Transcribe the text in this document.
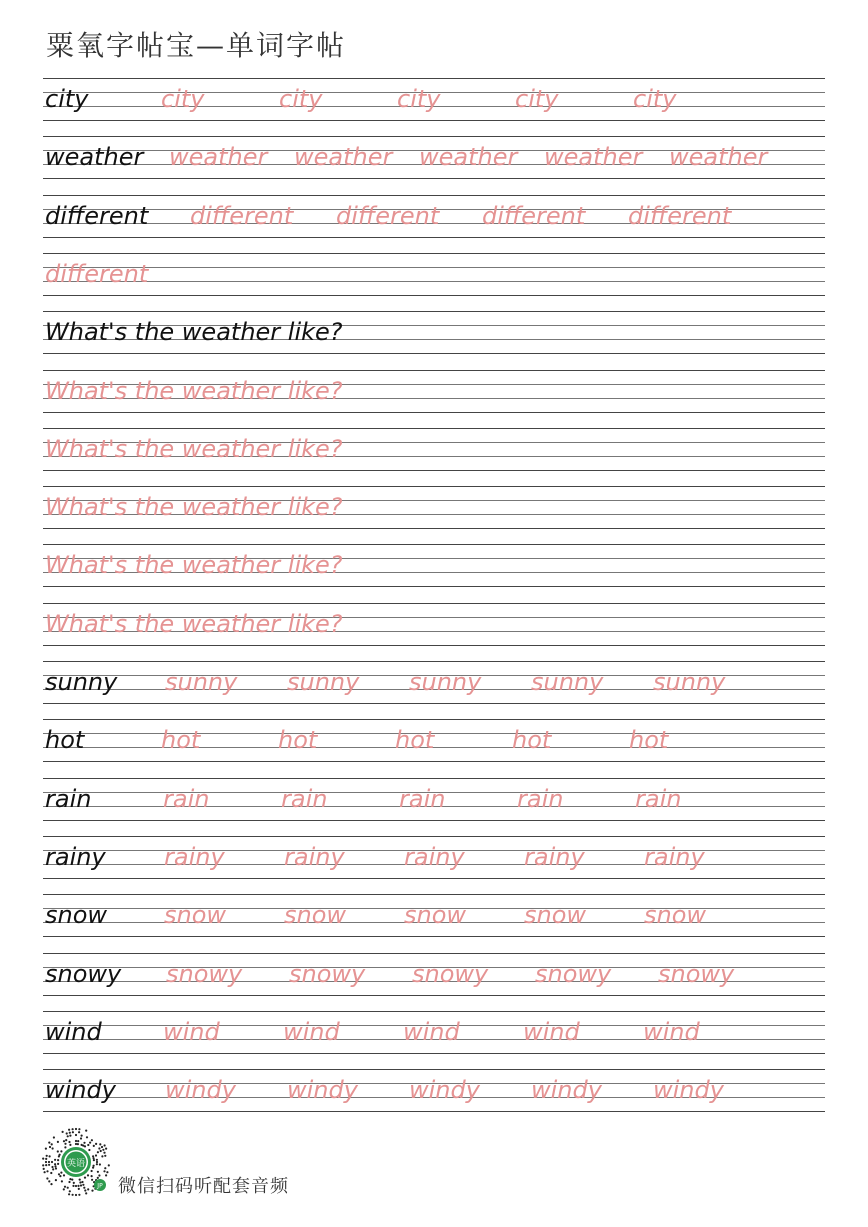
粟氧字帖宝—单词字帖
city	city	city	city	city	city
weather weather weather weather weather weather
different different different different different
different
What's the weather like?
What's the weather like?
What's the weather like?
What's the weather like?
What's the weather like?
What's the weather like?
sunny sunny sunny sunny sunny sunny
hot	hot	hot	hot	hot	hot
rain	rain	rain	rain	rain	rain
rainy rainy rainy rainy rainy rainy
snow snow snow snow snow snow
snowy snowy snowy snowy snowy snowy
wind	wind	wind	wind	wind	wind
windy windy windy windy windy windy
英语
JP 微信扫码听配套音频
